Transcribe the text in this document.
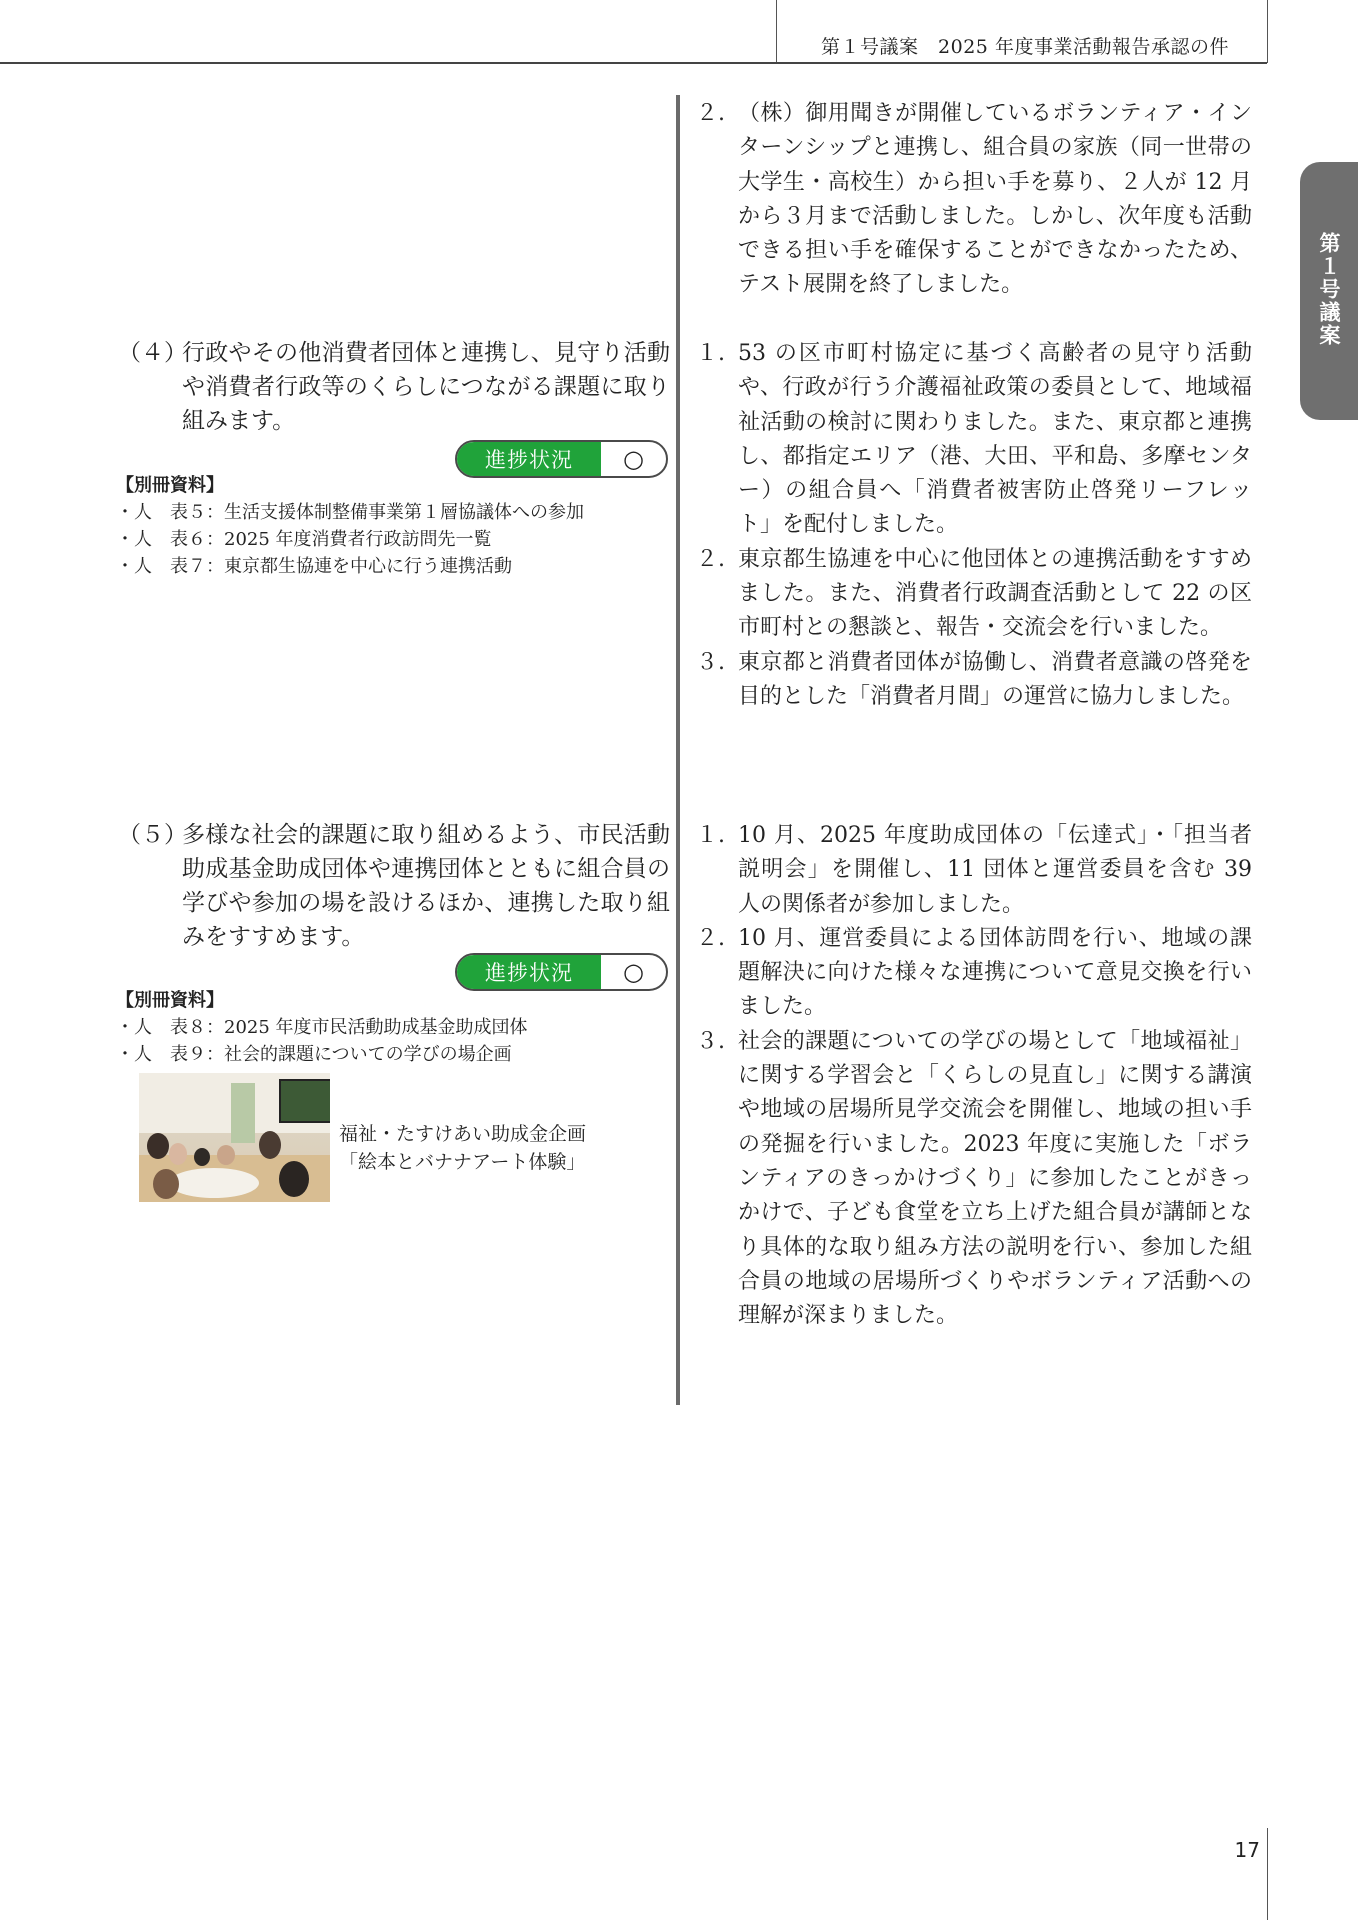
第１号議案　2025 年度事業活動報告承認の件
第１号議案
２. （株）御用聞きが開催しているボランティア・インターンシップと連携し、組合員の家族（同一世帯の大学生・高校生）から担い手を募り、２人が 12 月から３月まで活動しました。しかし、次年度も活動できる担い手を確保することができなかったため、テスト展開を終了しました。
（４）
行政やその他消費者団体と連携し、見守り活動や消費者行政等のくらしにつながる課題に取り組みます。
進捗状況	○
【別冊資料】
・人　表５：生活支援体制整備事業第１層協議体への参加
・人　表６：2025 年度消費者行政訪問先一覧
・人　表７：東京都生協連を中心に行う連携活動
１. 53 の区市町村協定に基づく高齢者の見守り活動や、行政が行う介護福祉政策の委員として、地域福祉活動の検討に関わりました。また、東京都と連携し、都指定エリア（港、大田、平和島、多摩センター）の組合員へ「消費者被害防止啓発リーフレット」を配付しました。
２. 東京都生協連を中心に他団体との連携活動をすすめました。また、消費者行政調査活動として 22 の区市町村との懇談と、報告・交流会を行いました。
３. 東京都と消費者団体が協働し、消費者意識の啓発を目的とした「消費者月間」の運営に協力しました。
（５）
多様な社会的課題に取り組めるよう、市民活動助成基金助成団体や連携団体とともに組合員の学びや参加の場を設けるほか、連携した取り組みをすすめます。
進捗状況	○
【別冊資料】
・人　表８：2025 年度市民活動助成基金助成団体
・人　表９：社会的課題についての学びの場企画
福祉・たすけあい助成金企画
「絵本とバナナアート体験」
１. 10 月、2025 年度助成団体の「伝達式」・「担当者説明会」を開催し、11 団体と運営委員を含む 39 人の関係者が参加しました。
２. 10 月、運営委員による団体訪問を行い、地域の課題解決に向けた様々な連携について意見交換を行いました。
３. 社会的課題についての学びの場として「地域福祉」に関する学習会と「くらしの見直し」に関する講演や地域の居場所見学交流会を開催し、地域の担い手の発掘を行いました。2023 年度に実施した「ボランティアのきっかけづくり」に参加したことがきっかけで、子ども食堂を立ち上げた組合員が講師となり具体的な取り組み方法の説明を行い、参加した組合員の地域の居場所づくりやボランティア活動への理解が深まりました。
17
